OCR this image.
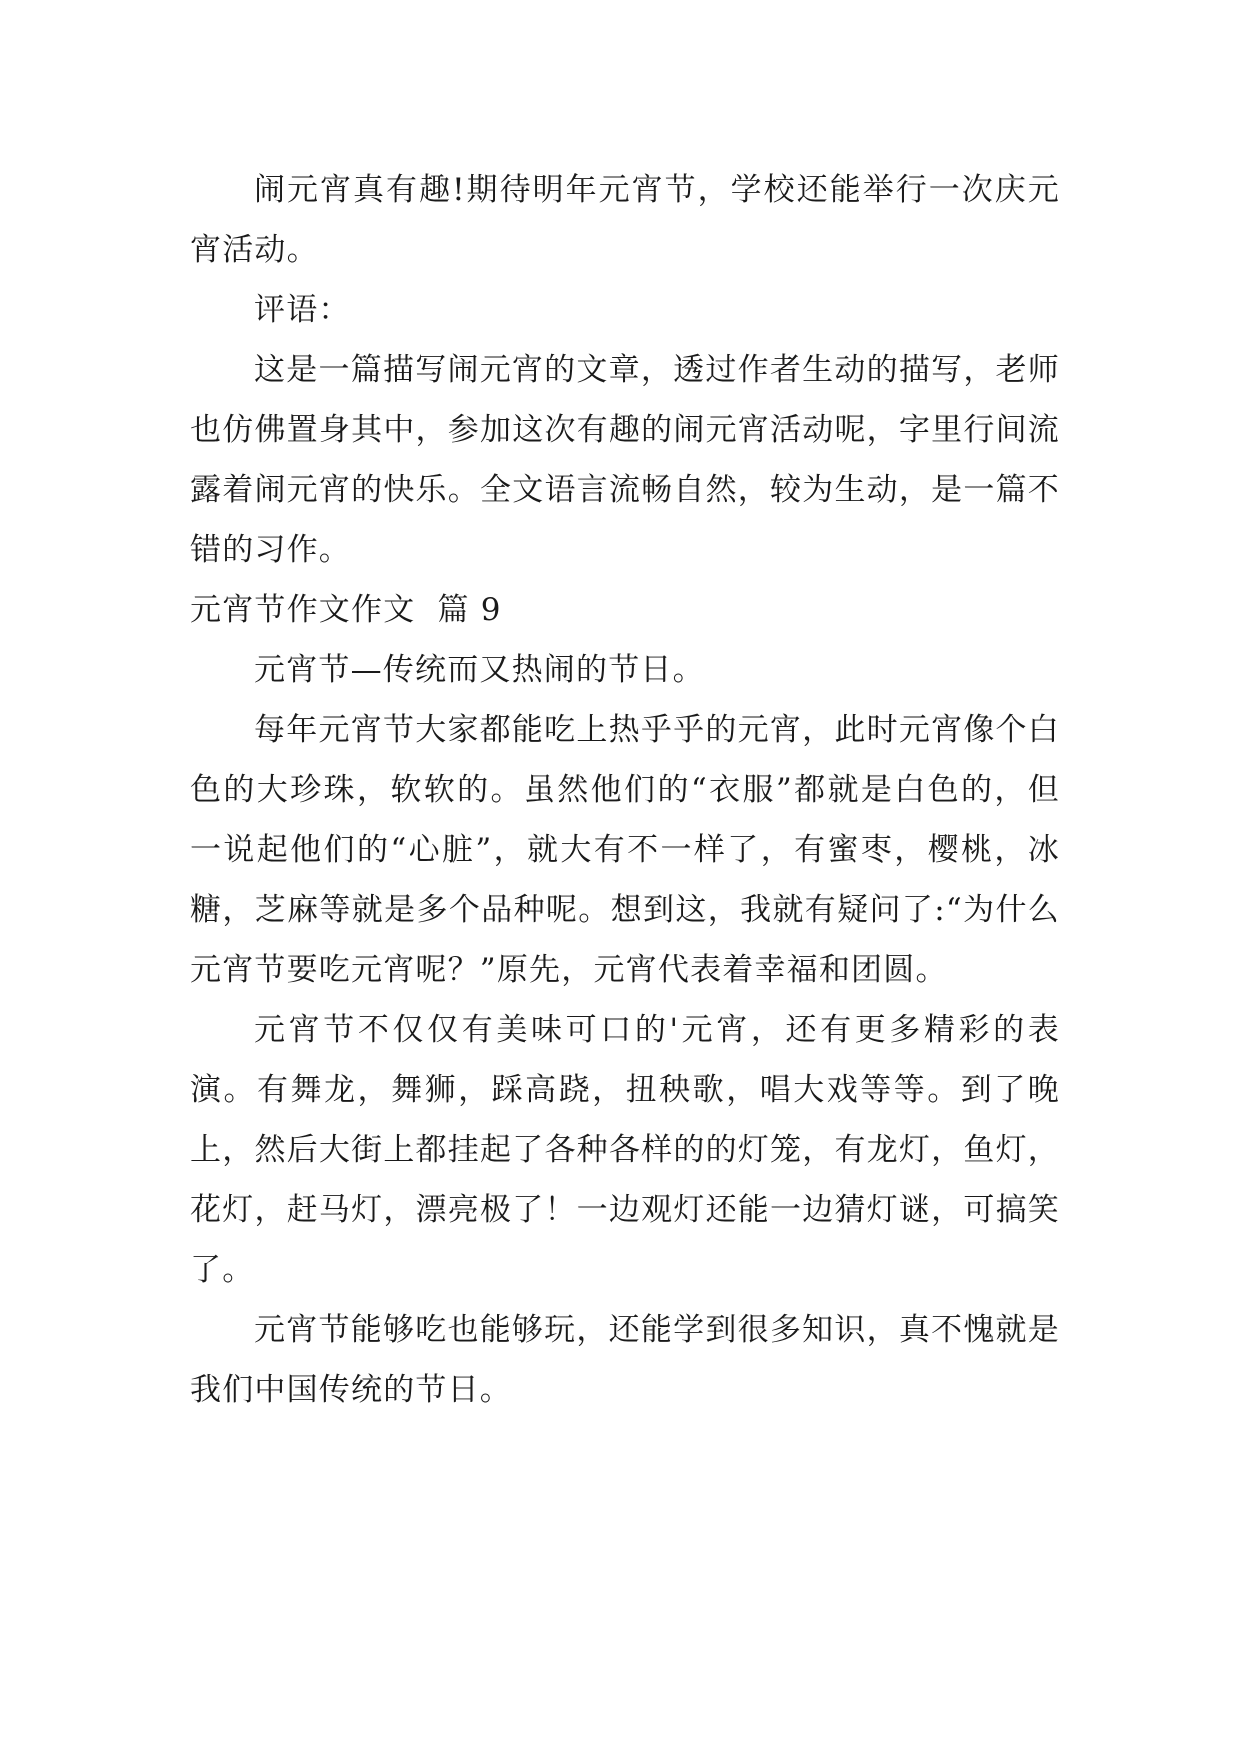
闹元宵真有趣!期待明年元宵节，学校还能举行一次庆元宵活动。

评语：

这是一篇描写闹元宵的文章，透过作者生动的描写，老师也仿佛置身其中，参加这次有趣的闹元宵活动呢，字里行间流露着闹元宵的快乐。全文语言流畅自然，较为生动，是一篇不错的习作。

元宵节作文作文  篇 9

元宵节—传统而又热闹的节日。

每年元宵节大家都能吃上热乎乎的元宵，此时元宵像个白色的大珍珠，软软的。虽然他们的“衣服”都就是白色的，但一说起他们的“心脏”，就大有不一样了，有蜜枣，樱桃，冰糖，芝麻等就是多个品种呢。想到这，我就有疑问了:“为什么元宵节要吃元宵呢？”原先，元宵代表着幸福和团圆。

元宵节不仅仅有美味可口的'元宵，还有更多精彩的表演。有舞龙，舞狮，踩高跷，扭秧歌，唱大戏等等。到了晚上，然后大街上都挂起了各种各样的的灯笼，有龙灯，鱼灯，花灯，赶马灯，漂亮极了！一边观灯还能一边猜灯谜，可搞笑了。

元宵节能够吃也能够玩，还能学到很多知识，真不愧就是我们中国传统的节日。
